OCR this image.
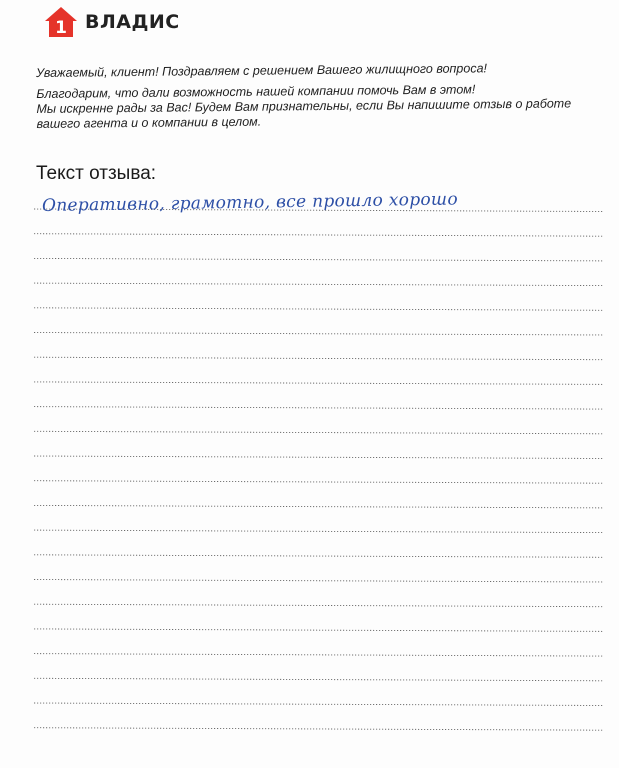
1 ВЛАДИС

Уважаемый, клиент! Поздравляем с решением Вашего жилищного вопроса!

Благодарим, что дали возможность нашей компании помочь Вам в этом!

Мы искренне рады за Вас! Будем Вам признательны, если Вы напишите отзыв о работе

вашего агента и о компании в целом.

Текст отзыва:
Оперативно, грамотно, все прошло хорошо
